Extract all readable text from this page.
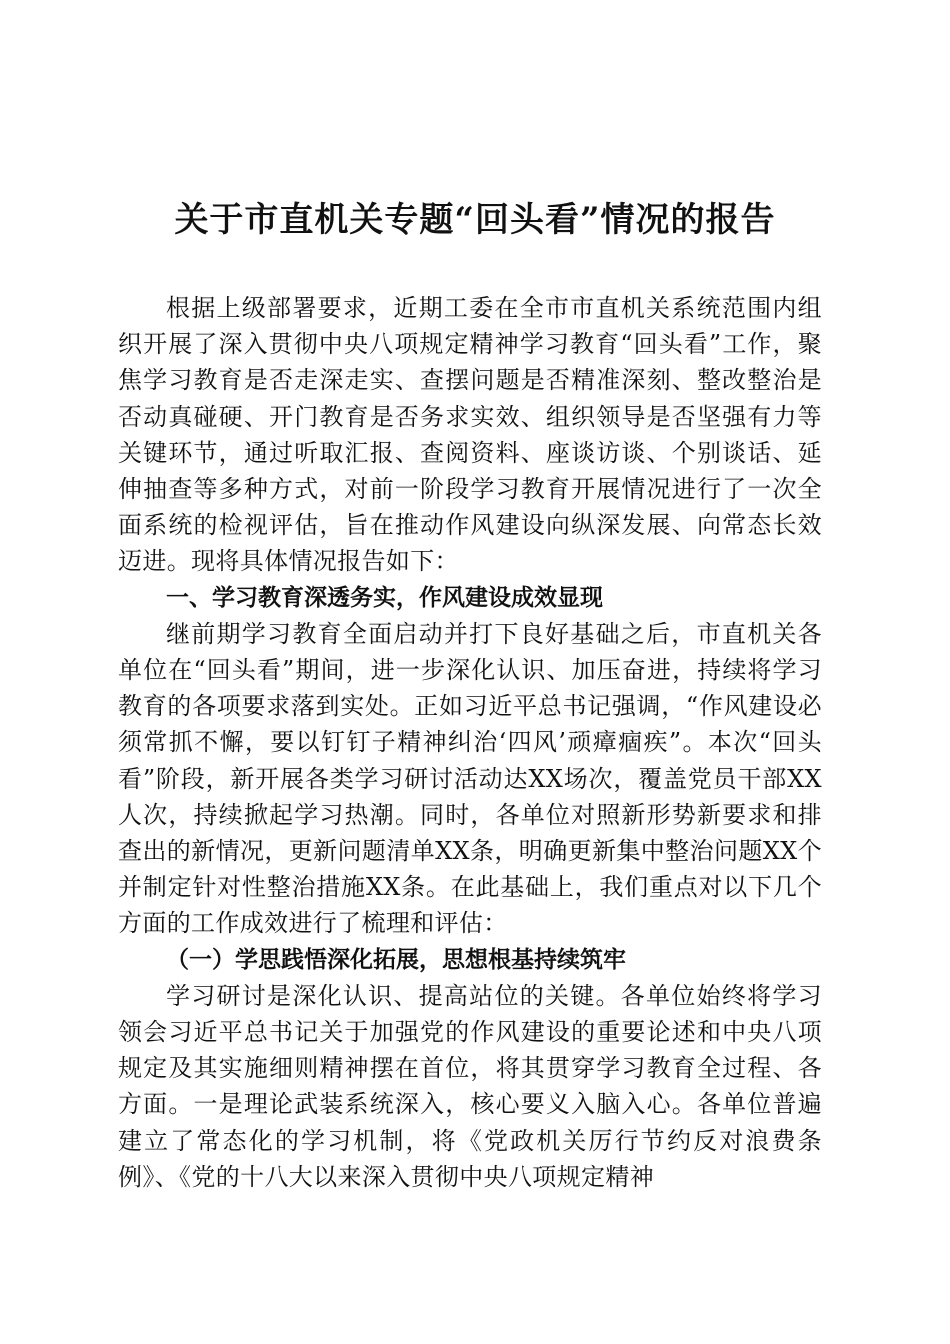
关于市直机关专题“回头看”情况的报告

根据上级部署要求，近期工委在全市市直机关系统范围内组织开展了深入贯彻中央八项规定精神学习教育“回头看”工作，聚焦学习教育是否走深走实、查摆问题是否精准深刻、整改整治是否动真碰硬、开门教育是否务求实效、组织领导是否坚强有力等关键环节，通过听取汇报、查阅资料、座谈访谈、个别谈话、延伸抽查等多种方式，对前一阶段学习教育开展情况进行了一次全面系统的检视评估，旨在推动作风建设向纵深发展、向常态长效迈进。现将具体情况报告如下：

一、学习教育深透务实，作风建设成效显现

继前期学习教育全面启动并打下良好基础之后，市直机关各单位在“回头看”期间，进一步深化认识、加压奋进，持续将学习教育的各项要求落到实处。正如习近平总书记强调，“作风建设必须常抓不懈，要以钉钉子精神纠治‘四风’顽瘴痼疾”。本次“回头看”阶段，新开展各类学习研讨活动达XX场次，覆盖党员干部XX人次，持续掀起学习热潮。同时，各单位对照新形势新要求和排查出的新情况，更新问题清单XX条，明确更新集中整治问题XX个并制定针对性整治措施XX条。在此基础上，我们重点对以下几个方面的工作成效进行了梳理和评估：

（一）学思践悟深化拓展，思想根基持续筑牢

学习研讨是深化认识、提高站位的关键。各单位始终将学习领会习近平总书记关于加强党的作风建设的重要论述和中央八项规定及其实施细则精神摆在首位，将其贯穿学习教育全过程、各方面。一是理论武装系统深入，核心要义入脑入心。各单位普遍建立了常态化的学习机制，将《党政机关厉行节约反对浪费条例》、《党的十八大以来深入贯彻中央八项规定精神
